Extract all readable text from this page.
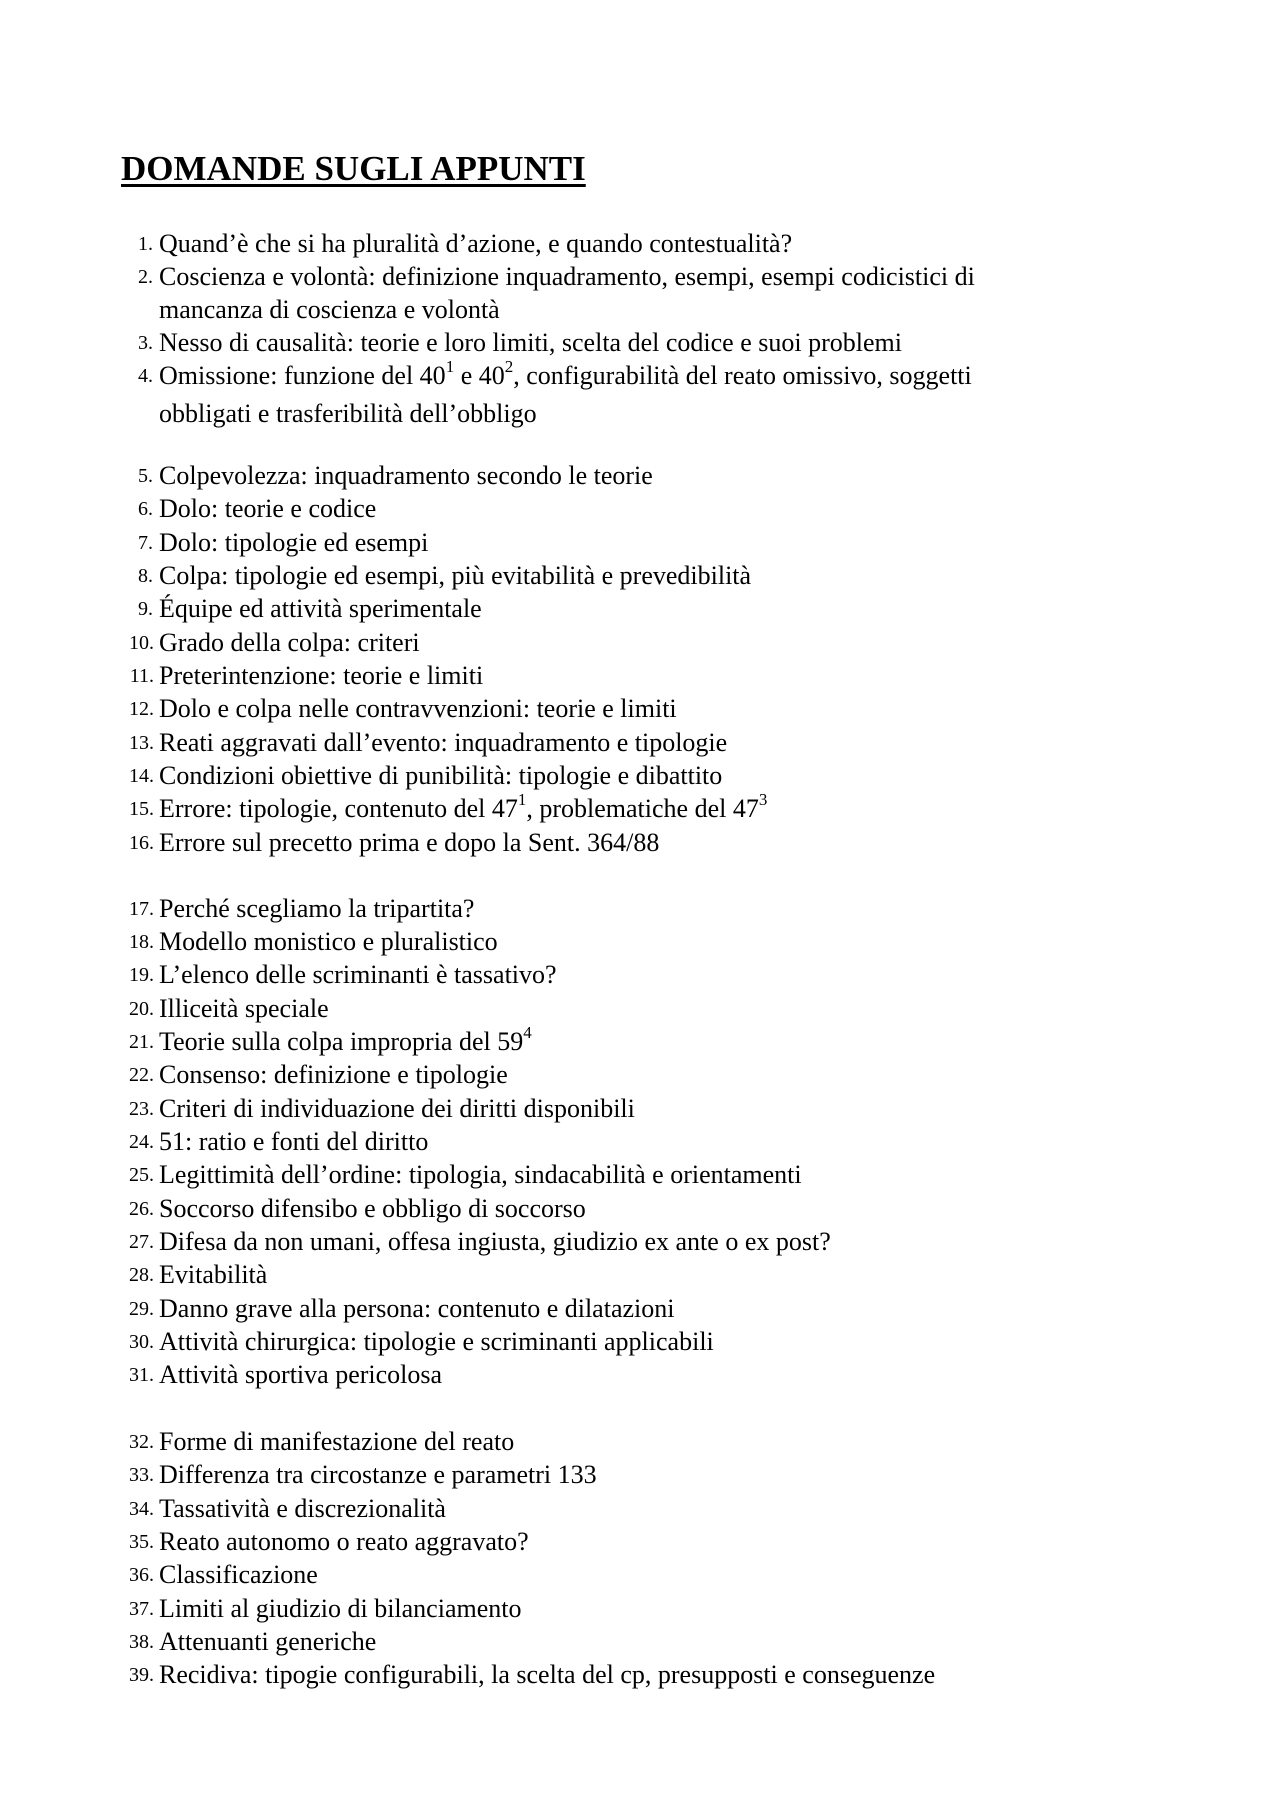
DOMANDE SUGLI APPUNTI
1. Quand’è che si ha pluralità d’azione, e quando contestualità?
2. Coscienza e volontà: definizione inquadramento, esempi, esempi codicistici di
mancanza di coscienza e volontà
3. Nesso di causalità: teorie e loro limiti, scelta del codice e suoi problemi
4. Omissione: funzione del $40^1$ e $40^2$, configurabilità del reato omissivo, soggetti
obbligati e trasferibilità dell’obbligo
5. Colpevolezza: inquadramento secondo le teorie
6. Dolo: teorie e codice
7. Dolo: tipologie ed esempi
8. Colpa: tipologie ed esempi, più evitabilità e prevedibilità
9. Équipe ed attività sperimentale
10. Grado della colpa: criteri
11. Preterintenzione: teorie e limiti
12. Dolo e colpa nelle contravvenzioni: teorie e limiti
13. Reati aggravati dall’evento: inquadramento e tipologie
14. Condizioni obiettive di punibilità: tipologie e dibattito
15. Errore: tipologie, contenuto del $47^1$, problematiche del $47^3$
16. Errore sul precetto prima e dopo la Sent. 364/88
17. Perché scegliamo la tripartita?
18. Modello monistico e pluralistico
19. L’elenco delle scriminanti è tassativo?
20. Illiceità speciale
21. Teorie sulla colpa impropria del $59^4$
22. Consenso: definizione e tipologie
23. Criteri di individuazione dei diritti disponibili
24. 51: ratio e fonti del diritto
25. Legittimità dell’ordine: tipologia, sindacabilità e orientamenti
26. Soccorso difensibo e obbligo di soccorso
27. Difesa da non umani, offesa ingiusta, giudizio ex ante o ex post?
28. Evitabilità
29. Danno grave alla persona: contenuto e dilatazioni
30. Attività chirurgica: tipologie e scriminanti applicabili
31. Attività sportiva pericolosa
32. Forme di manifestazione del reato
33. Differenza tra circostanze e parametri 133
34. Tassatività e discrezionalità
35. Reato autonomo o reato aggravato?
36. Classificazione
37. Limiti al giudizio di bilanciamento
38. Attenuanti generiche
39. Recidiva: tipogie configurabili, la scelta del cp, presupposti e conseguenze
